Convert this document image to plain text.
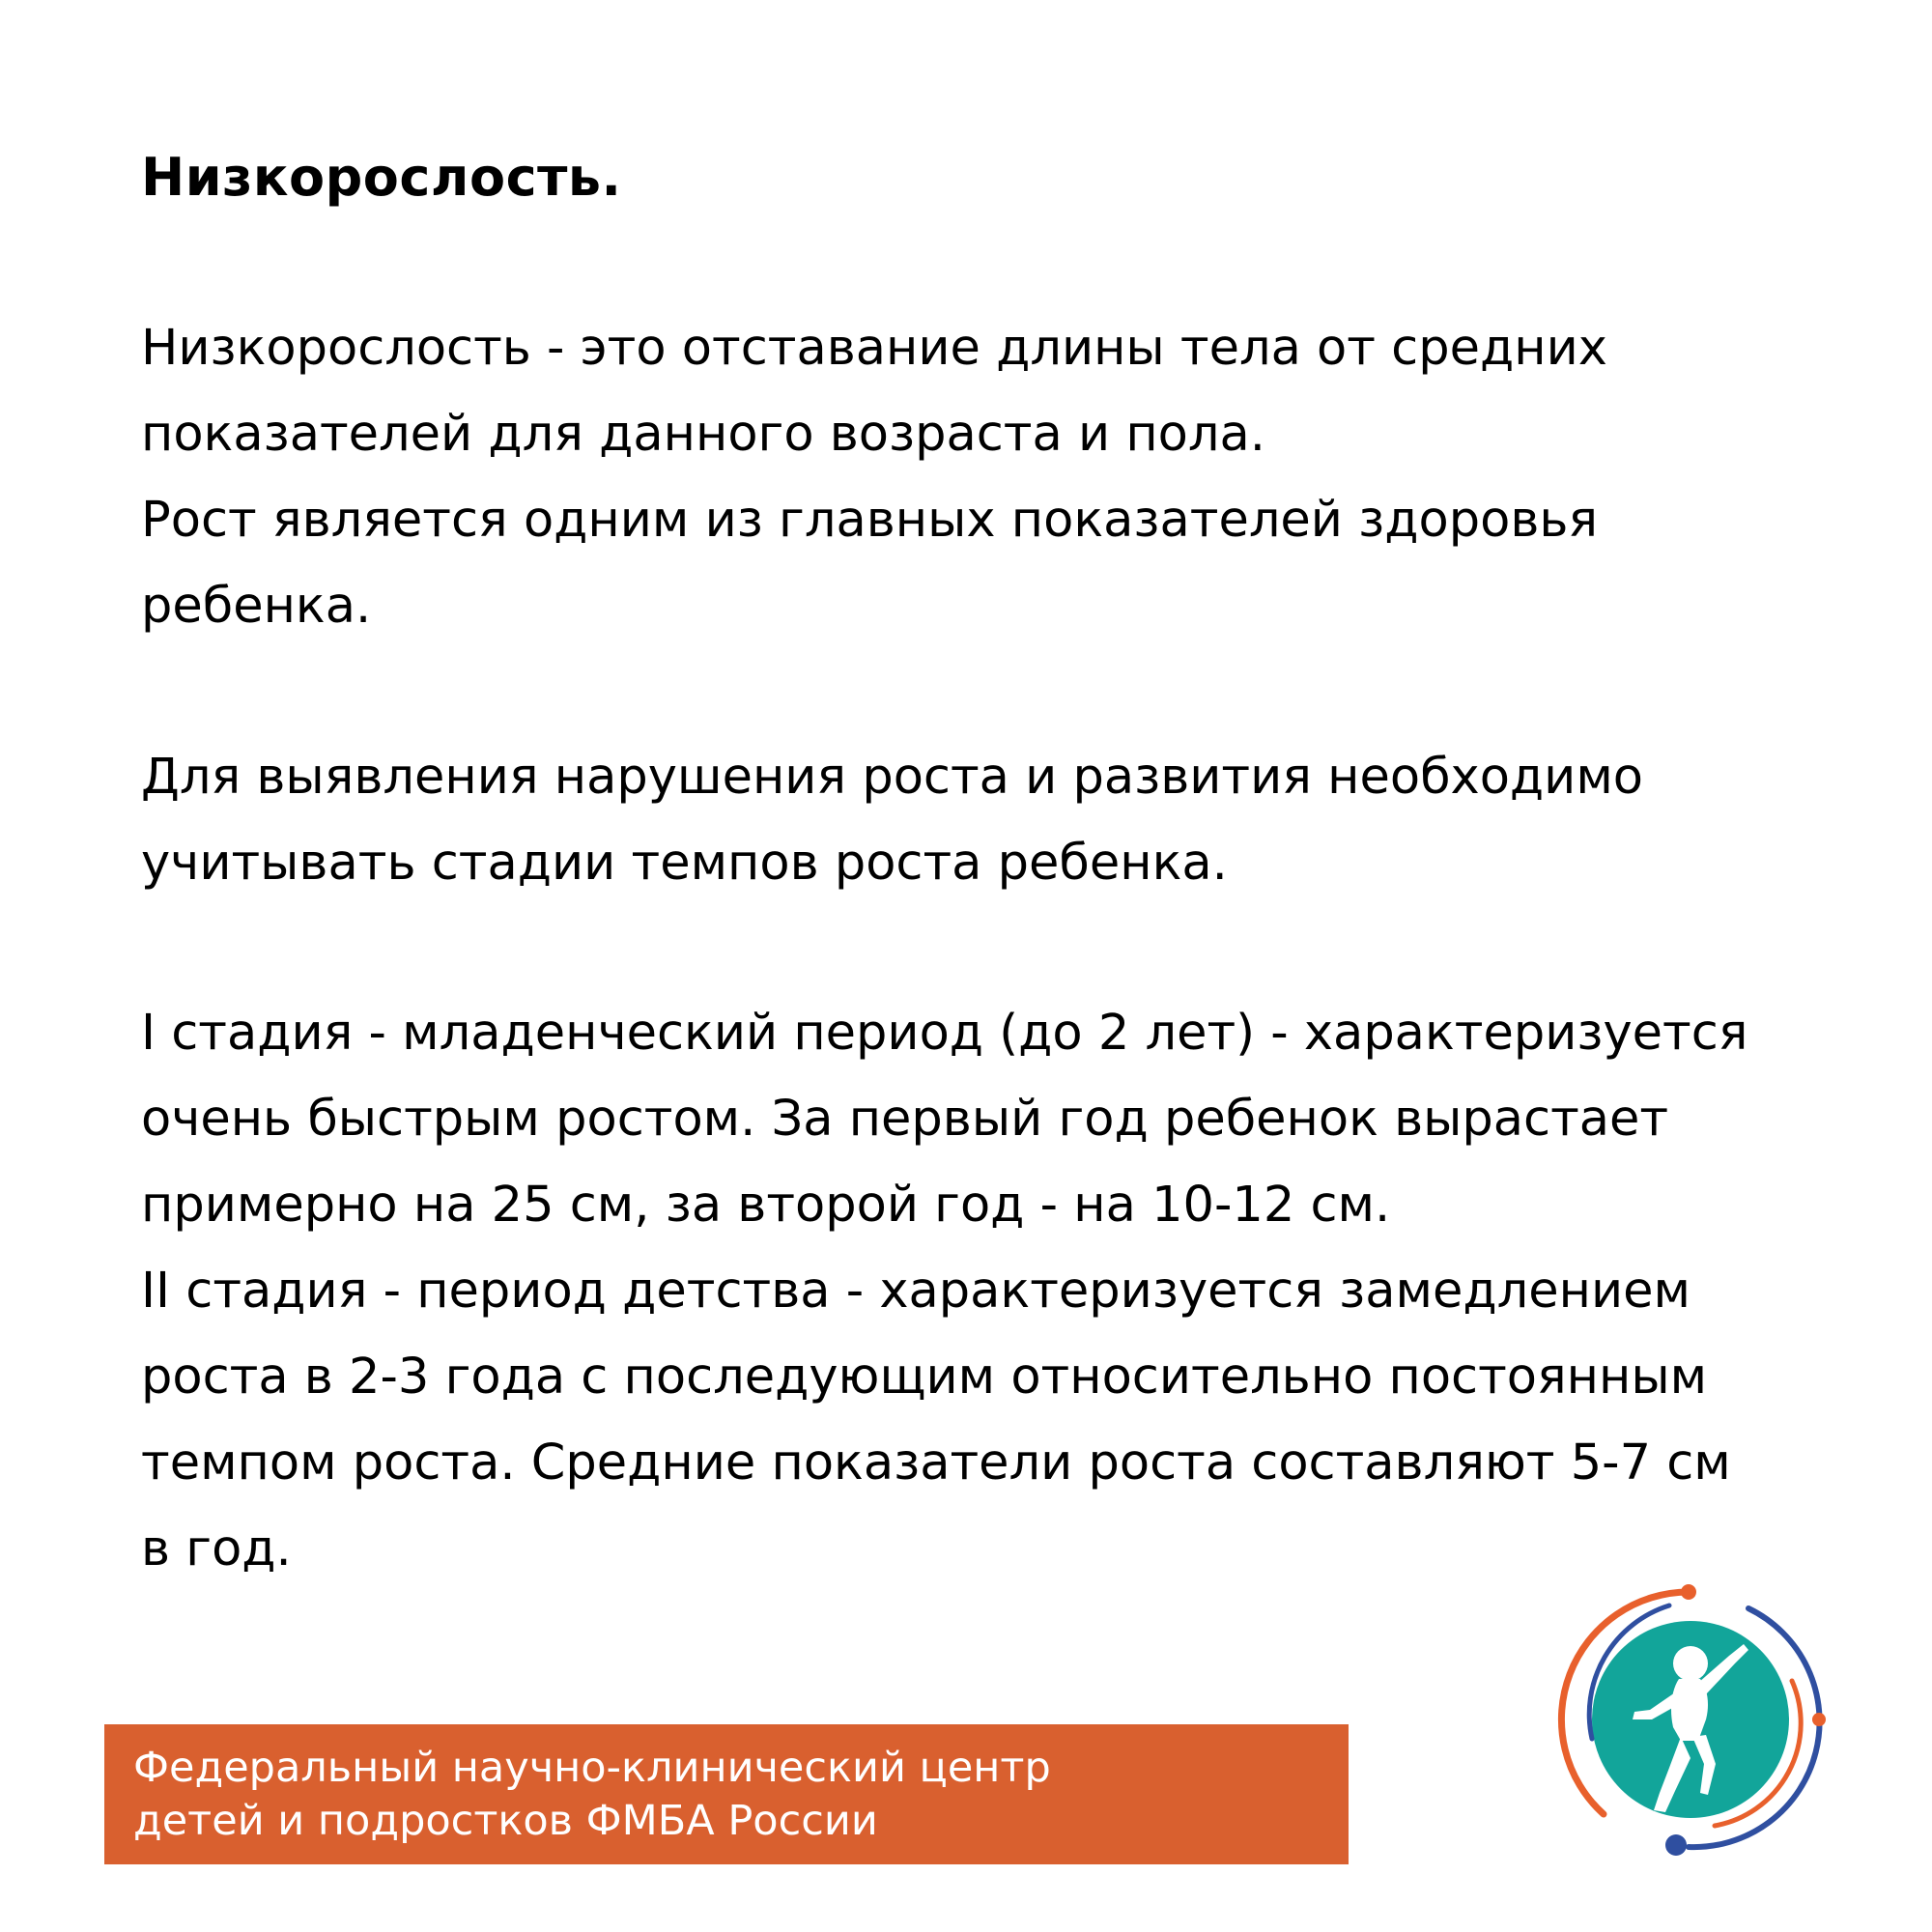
Низкорослость.
Низкорослость - это отставание длины тела от средних
показателей для данного возраста и пола.
Рост является одним из главных показателей здоровья
ребенка.
Для выявления нарушения роста и развития необходимо
учитывать стадии темпов роста ребенка.
I стадия - младенческий период (до 2 лет) - характеризуется
очень быстрым ростом. За первый год ребенок вырастает
примерно на 25 см, за второй год - на 10-12 см.
II стадия - период детства - характеризуется замедлением
роста в 2-3 года с последующим относительно постоянным
темпом роста. Средние показатели роста составляют 5-7 см
в год.
Федеральный научно-клинический центр
детей и подростков ФМБА России
